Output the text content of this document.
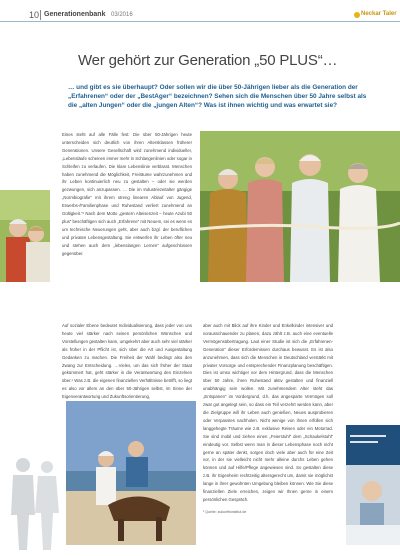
10 Generationenbank 03/2016	Neckar Taler
Wer gehört zur Generation „50 PLUS“…
… und gibt es sie überhaupt? Oder sollen wir die über 50-Jährigen lieber als die Generation der „Erfahrenen“ oder der „BestAger“ bezeichnen? Sehen sich die Menschen über 50 Jahre selbst als die „alten Jungen“ oder die „jungen Alten“? Was ist ihnen wichtig und was erwartet sie?

Eines steht auf alle Fälle fest: Die über 50-Jährigen heute unterscheiden sich deutlich von ihren Altersklassen früherer Generationen. Unsere Gesellschaft wird zunehmend individueller, „Lebensläufe scheinen immer mehr in Schlangenlinien oder sogar in Schleifen zu verlaufen. Die klare Lebenslinie verblasst. Menschen haben zunehmend die Möglichkeit, Freiräume wahrzunehmen und ihr Leben kontinuierlich neu zu gestalten – oder sie werden gezwungen, sich anzupassen. … Die im Industriezeitalter gängige „Normbiografie“ mit ihrem streng linearen Ablauf von Jugend, Erwerbs-/Familienphase und Ruhestand verliert zunehmend an Gültigkeit.“¹ Nach dem Motto „gestern Alteisenzeit – heute Azubi 50 plus“ beschäftigen sich auch „Erfahrene“ mit Neuem, sei es wenn es um technische Neuerungen geht, aber auch bzgl. der beruflichen und privaten Lebensgestaltung. Sie entwerfen ihr Leben öfter neu und stehen auch dem „lebenslangen Lernen“ aufgeschlossen gegenüber.

Auf sozialer Ebene bedeutet Individualisierung, dass jeder von uns heute viel stärker nach seinen persönlichen Wünschen und Vorstellungen gestalten kann, umgekehrt aber auch sehr viel stärker als früher in der Pflicht ist, sich über die Art und Ausgestaltung Gedanken zu machen. Die Freiheit der Wahl bedingt also den Zwang zur Entscheidung. …Vieles, um das sich früher der Staat gekümmert hat, geht stärker in die Verantwortung des Einzelnen über.¹ Was z.B. die eigenen finanziellen Verhältnisse betrifft, so liegt es also vor allem an den über 50-Jährigen selbst, im Sinne der Eigenverantwortung und Zukunftsorientierung,

aber auch mit Blick auf ihre Kinder und Enkelkinder intensiver und vorausschauender zu planen, dazu zählt z.B. auch eine eventuelle Vermögensübertragung. Laut einer Studie ist sich die „Erfahrenen-Generation“ dieser Erfordernissen durchaus bewusst. Es ist also anzunehmen, dass sich die Menschen in Deutschland verstärkt mit privater Vorsorge und entsprechender Finanzplanung beschäftigen. Dies ist umso wichtiger vor dem Hintergrund, dass die Menschen über 50 Jahre, ihren Ruhestand aktiv gestalten und finanziell unabhängig sein wollen. Mit zunehmendem Alter steht das „Entspanen“ im Vordergrund, d.h. das angesparte Vermögen soll zwar gut angelegt sein, so dass ein Teil verzehrt werden kann, aber die Zielgruppe will ihr Leben auch genießen, Neues ausprobieren oder Verpasstes nachholen. Nicht wenige von ihnen erfüllen sich langgehegte Träume wie z.B. exklusive Reisen oder ein Motorrad. Sie sind mobil und ziehen einen „Feierstuhl“ dem „Schaukelstuhl“ eindeutig vor. Selbst wenn man in dieser Lebensphase noch nicht gerne an später denkt, sorgen doch viele aber auch für eine Zeit vor, in der sie vielleicht nicht mehr alleine durchs Leben gehen können und auf Hilfe/Pflege angewiesen sind. So gestalten diese z.B. ihr Eigenheim rechtzeitig altersgerecht um, damit sie möglichst lange in ihrer gewohnten Umgebung bleiben können. Wie Sie diese finanziellen Ziele erreichen, zeigen wir Ihnen gerne in einem persönlichen Gespräch.

¹ Quelle: zukunftsinstitut.de
